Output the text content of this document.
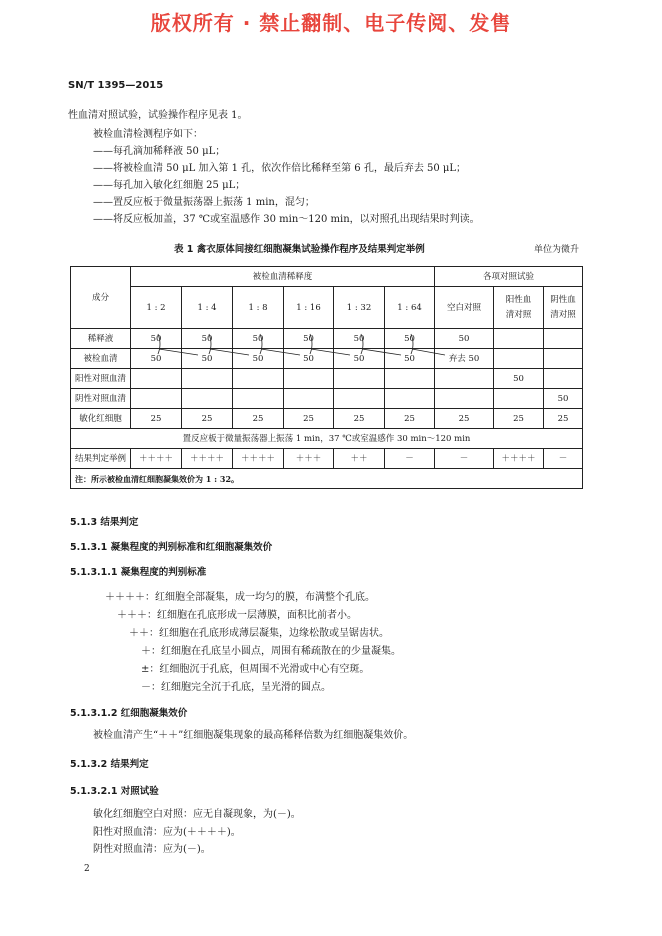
版权所有 · 禁止翻制、电子传阅、发售
SN/T 1395—2015
性血清对照试验，试验操作程序见表 1。
被检血清检测程序如下：
——每孔滴加稀释液 50 μL；
——将被检血清 50 μL 加入第 1 孔，依次作倍比稀释至第 6 孔，最后弃去 50 μL；
——每孔加入敏化红细胞 25 μL；
——置反应板于微量振荡器上振荡 1 min，混匀；
——将反应板加盖，37 ℃或室温感作 30 min～120 min，以对照孔出现结果时判读。
表 1 禽衣原体间接红细胞凝集试验操作程序及结果判定举例	单位为微升
成分	被检血清稀释度						各项对照试验		
	1 : 2	1 : 4	1 : 8	1 : 16	1 : 32	1 : 64	空白对照	阳性血清对照	阴性血清对照
稀释液	50	50	50	50	50	50	50		
被检血清	50	50	50	50	50	50	弃去 50		
阳性对照血清								50	
阴性对照血清									50
敏化红细胞	25	25	25	25	25	25	25	25	25
置反应板于微量振荡器上振荡 1 min，37 ℃或室温感作 30 min～120 min									
结果判定举例	＋＋＋＋	＋＋＋＋	＋＋＋＋	＋＋＋	＋＋	－	－	＋＋＋＋	－
注：所示被检血清红细胞凝集效价为 1 : 32。									
5.1.3 结果判定
5.1.3.1 凝集程度的判别标准和红细胞凝集效价
5.1.3.1.1 凝集程度的判别标准
＋＋＋＋：红细胞全部凝集，成一均匀的膜，布满整个孔底。
＋＋＋：红细胞在孔底形成一层薄膜，面积比前者小。
＋＋：红细胞在孔底形成薄层凝集，边缘松散或呈锯齿状。
＋：红细胞在孔底呈小圆点，周围有稀疏散在的少量凝集。
±：红细胞沉于孔底，但周围不光滑或中心有空斑。
－：红细胞完全沉于孔底，呈光滑的圆点。
5.1.3.1.2 红细胞凝集效价
被检血清产生“＋＋”红细胞凝集现象的最高稀释倍数为红细胞凝集效价。
5.1.3.2 结果判定
5.1.3.2.1 对照试验
敏化红细胞空白对照：应无自凝现象，为(－)。
阳性对照血清：应为(＋＋＋＋)。
阴性对照血清：应为(－)。
2
